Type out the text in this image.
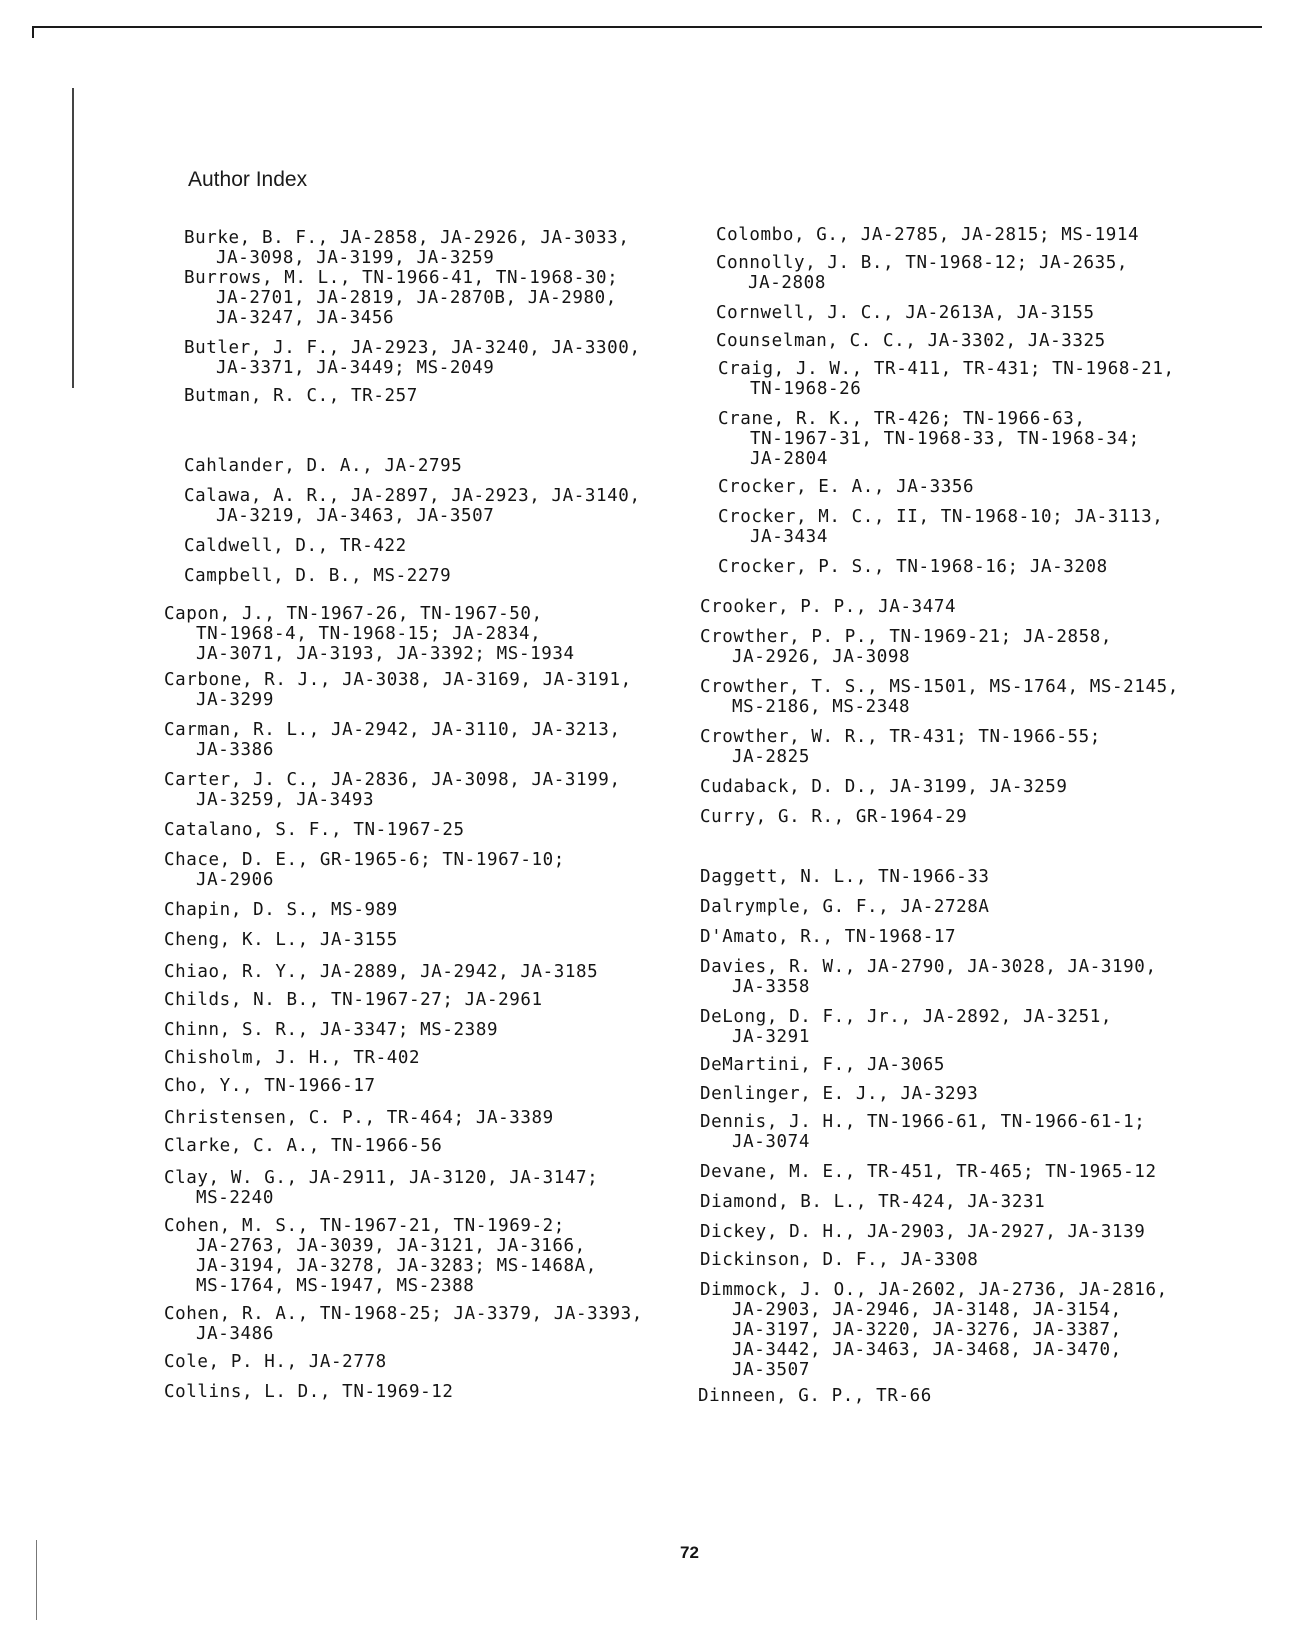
Author Index
Burke, B. F., JA-2858, JA-2926, JA-3033,
JA-3098, JA-3199, JA-3259
Burrows, M. L., TN-1966-41, TN-1968-30;
JA-2701, JA-2819, JA-2870B, JA-2980,
JA-3247, JA-3456
Butler, J. F., JA-2923, JA-3240, JA-3300,
JA-3371, JA-3449; MS-2049
Butman, R. C., TR-257
Cahlander, D. A., JA-2795
Calawa, A. R., JA-2897, JA-2923, JA-3140,
JA-3219, JA-3463, JA-3507
Caldwell, D., TR-422
Campbell, D. B., MS-2279
Capon, J., TN-1967-26, TN-1967-50,
TN-1968-4, TN-1968-15; JA-2834,
JA-3071, JA-3193, JA-3392; MS-1934
Carbone, R. J., JA-3038, JA-3169, JA-3191,
JA-3299
Carman, R. L., JA-2942, JA-3110, JA-3213,
JA-3386
Carter, J. C., JA-2836, JA-3098, JA-3199,
JA-3259, JA-3493
Catalano, S. F., TN-1967-25
Chace, D. E., GR-1965-6; TN-1967-10;
JA-2906
Chapin, D. S., MS-989
Cheng, K. L., JA-3155
Chiao, R. Y., JA-2889, JA-2942, JA-3185
Childs, N. B., TN-1967-27; JA-2961
Chinn, S. R., JA-3347; MS-2389
Chisholm, J. H., TR-402
Cho, Y., TN-1966-17
Christensen, C. P., TR-464; JA-3389
Clarke, C. A., TN-1966-56
Clay, W. G., JA-2911, JA-3120, JA-3147;
MS-2240
Cohen, M. S., TN-1967-21, TN-1969-2;
JA-2763, JA-3039, JA-3121, JA-3166,
JA-3194, JA-3278, JA-3283; MS-1468A,
MS-1764, MS-1947, MS-2388
Cohen, R. A., TN-1968-25; JA-3379, JA-3393,
JA-3486
Cole, P. H., JA-2778
Collins, L. D., TN-1969-12
Colombo, G., JA-2785, JA-2815; MS-1914
Connolly, J. B., TN-1968-12; JA-2635,
JA-2808
Cornwell, J. C., JA-2613A, JA-3155
Counselman, C. C., JA-3302, JA-3325
Craig, J. W., TR-411, TR-431; TN-1968-21,
TN-1968-26
Crane, R. K., TR-426; TN-1966-63,
TN-1967-31, TN-1968-33, TN-1968-34;
JA-2804
Crocker, E. A., JA-3356
Crocker, M. C., II, TN-1968-10; JA-3113,
JA-3434
Crocker, P. S., TN-1968-16; JA-3208
Crooker, P. P., JA-3474
Crowther, P. P., TN-1969-21; JA-2858,
JA-2926, JA-3098
Crowther, T. S., MS-1501, MS-1764, MS-2145,
MS-2186, MS-2348
Crowther, W. R., TR-431; TN-1966-55;
JA-2825
Cudaback, D. D., JA-3199, JA-3259
Curry, G. R., GR-1964-29
Daggett, N. L., TN-1966-33
Dalrymple, G. F., JA-2728A
D'Amato, R., TN-1968-17
Davies, R. W., JA-2790, JA-3028, JA-3190,
JA-3358
DeLong, D. F., Jr., JA-2892, JA-3251,
JA-3291
DeMartini, F., JA-3065
Denlinger, E. J., JA-3293
Dennis, J. H., TN-1966-61, TN-1966-61-1;
JA-3074
Devane, M. E., TR-451, TR-465; TN-1965-12
Diamond, B. L., TR-424, JA-3231
Dickey, D. H., JA-2903, JA-2927, JA-3139
Dickinson, D. F., JA-3308
Dimmock, J. O., JA-2602, JA-2736, JA-2816,
JA-2903, JA-2946, JA-3148, JA-3154,
JA-3197, JA-3220, JA-3276, JA-3387,
JA-3442, JA-3463, JA-3468, JA-3470,
JA-3507
Dinneen, G. P., TR-66
72
